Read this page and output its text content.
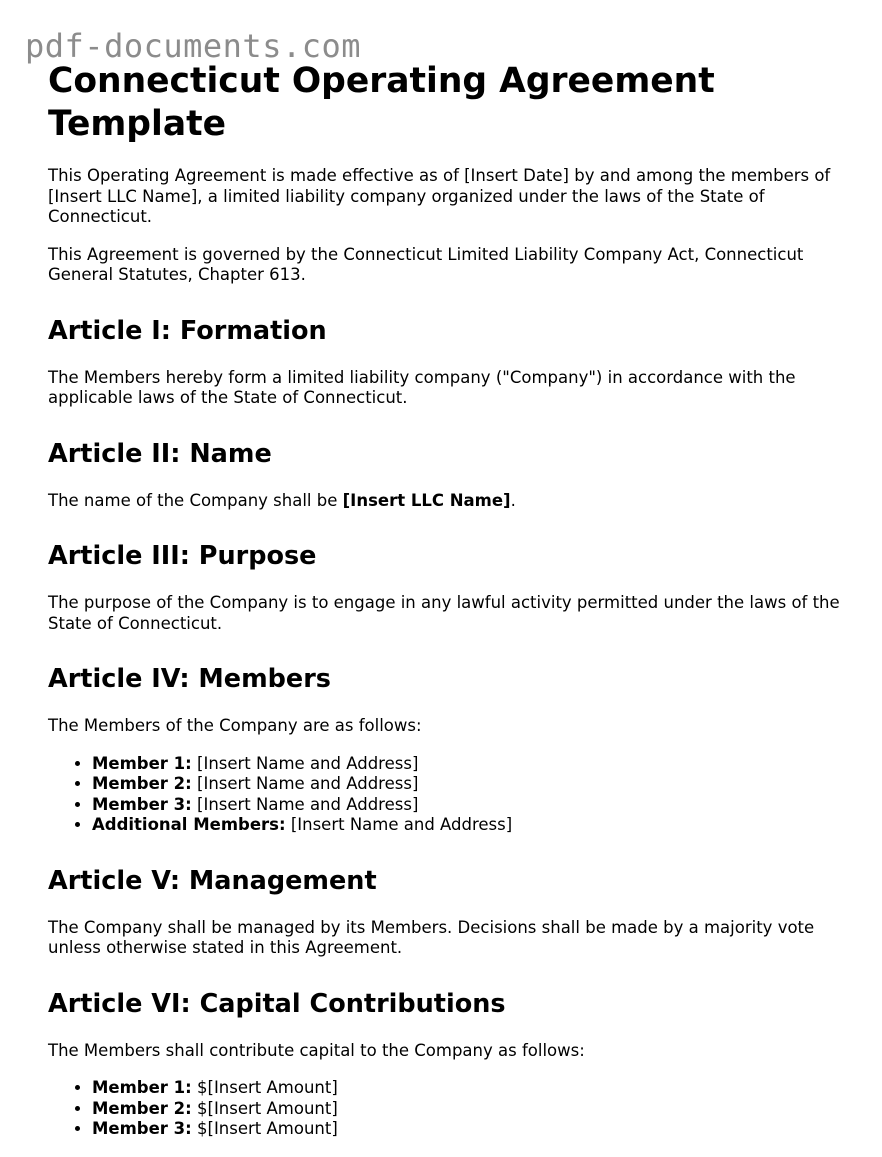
pdf-documents.com
Connecticut Operating Agreement Template

This Operating Agreement is made effective as of [Insert Date] by and among the members of [Insert LLC Name], a limited liability company organized under the laws of the State of Connecticut.

This Agreement is governed by the Connecticut Limited Liability Company Act, Connecticut General Statutes, Chapter 613.

Article I: Formation

The Members hereby form a limited liability company ("Company") in accordance with the applicable laws of the State of Connecticut.

Article II: Name

The name of the Company shall be [Insert LLC Name].

Article III: Purpose

The purpose of the Company is to engage in any lawful activity permitted under the laws of the State of Connecticut.

Article IV: Members

The Members of the Company are as follows:

• Member 1: [Insert Name and Address]
• Member 2: [Insert Name and Address]
• Member 3: [Insert Name and Address]
• Additional Members: [Insert Name and Address]
Article V: Management

The Company shall be managed by its Members. Decisions shall be made by a majority vote unless otherwise stated in this Agreement.

Article VI: Capital Contributions

The Members shall contribute capital to the Company as follows:

• Member 1: $[Insert Amount]
• Member 2: $[Insert Amount]
• Member 3: $[Insert Amount]
